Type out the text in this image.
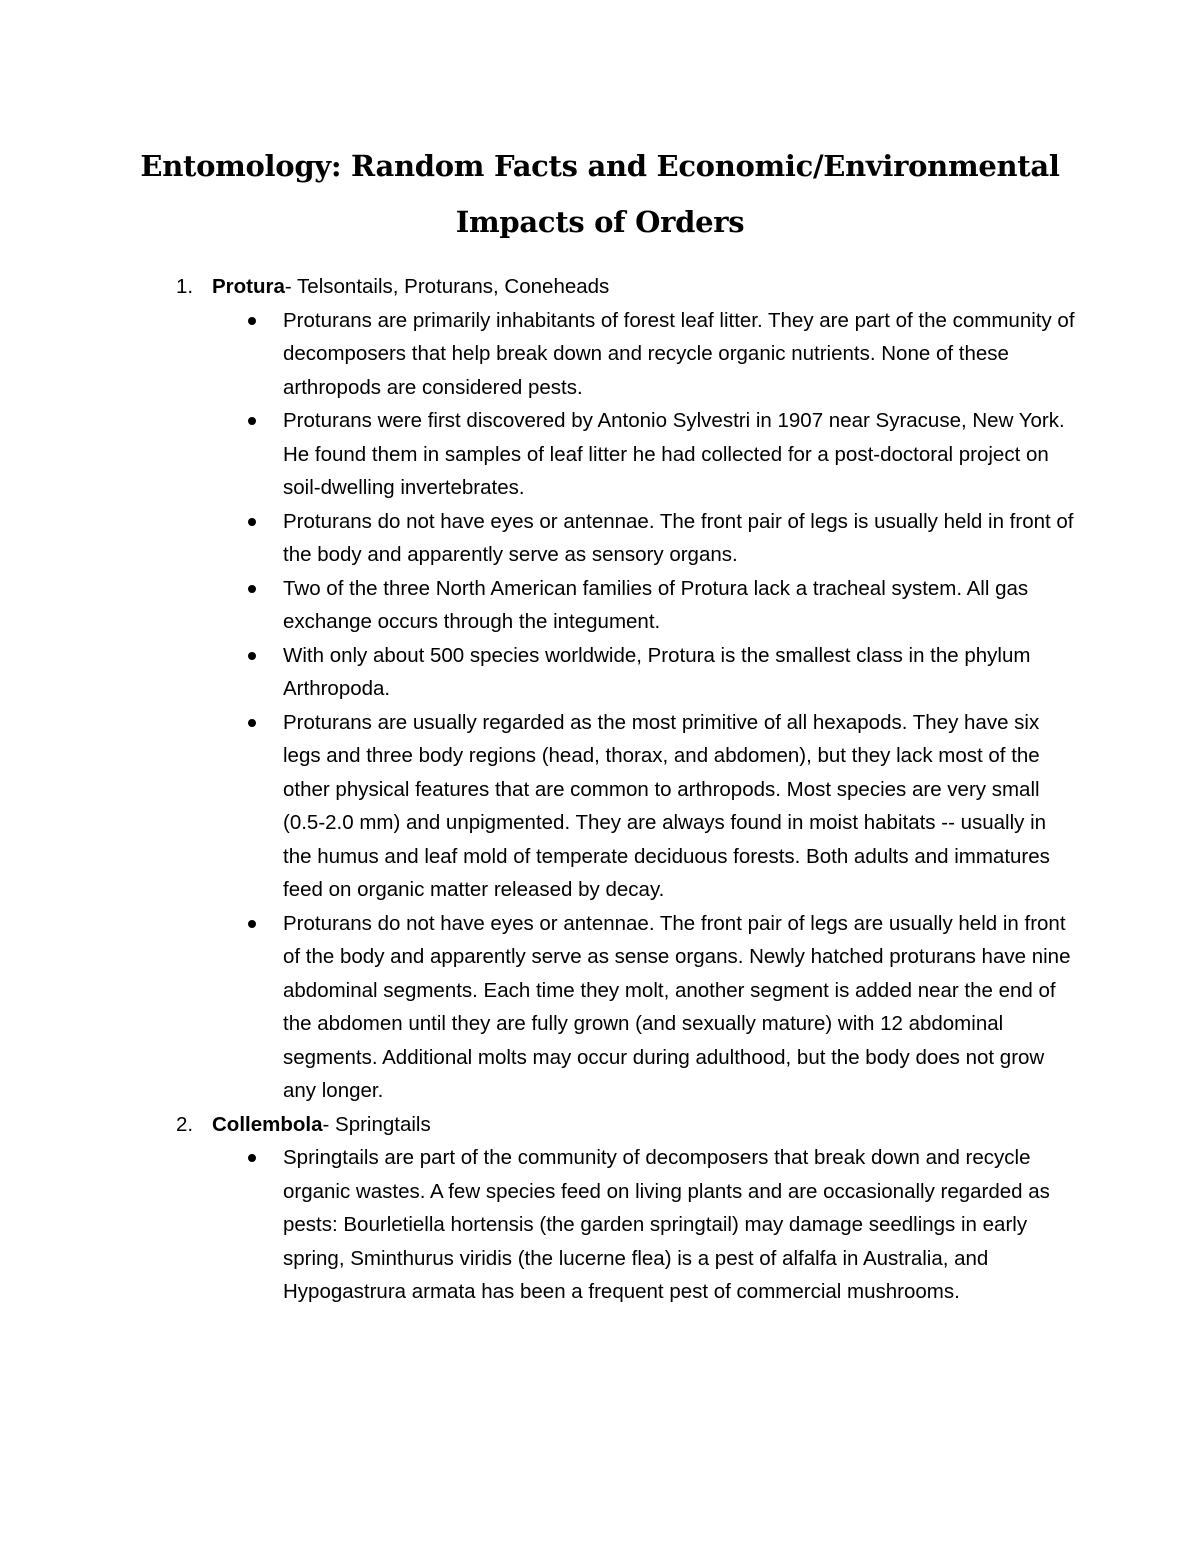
Entomology: Random Facts and Economic/Environmental
Impacts of Orders
1. Protura- Telsontails, Proturans, Coneheads
Proturans are primarily inhabitants of forest leaf litter. They are part of the community of decomposers that help break down and recycle organic nutrients. None of these arthropods are considered pests.
Proturans were first discovered by Antonio Sylvestri in 1907 near Syracuse, New York. He found them in samples of leaf litter he had collected for a post-doctoral project on soil-dwelling invertebrates.
Proturans do not have eyes or antennae. The front pair of legs is usually held in front of the body and apparently serve as sensory organs.
Two of the three North American families of Protura lack a tracheal system. All gas exchange occurs through the integument.
With only about 500 species worldwide, Protura is the smallest class in the phylum Arthropoda.
Proturans are usually regarded as the most primitive of all hexapods. They have six legs and three body regions (head, thorax, and abdomen), but they lack most of the other physical features that are common to arthropods. Most species are very small (0.5-2.0 mm) and unpigmented. They are always found in moist habitats -- usually in the humus and leaf mold of temperate deciduous forests. Both adults and immatures feed on organic matter released by decay.
Proturans do not have eyes or antennae. The front pair of legs are usually held in front of the body and apparently serve as sense organs. Newly hatched proturans have nine abdominal segments. Each time they molt, another segment is added near the end of the abdomen until they are fully grown (and sexually mature) with 12 abdominal segments. Additional molts may occur during adulthood, but the body does not grow any longer.
2. Collembola- Springtails
Springtails are part of the community of decomposers that break down and recycle organic wastes. A few species feed on living plants and are occasionally regarded as pests: Bourletiella hortensis (the garden springtail) may damage seedlings in early spring, Sminthurus viridis (the lucerne flea) is a pest of alfalfa in Australia, and Hypogastrura armata has been a frequent pest of commercial mushrooms.
